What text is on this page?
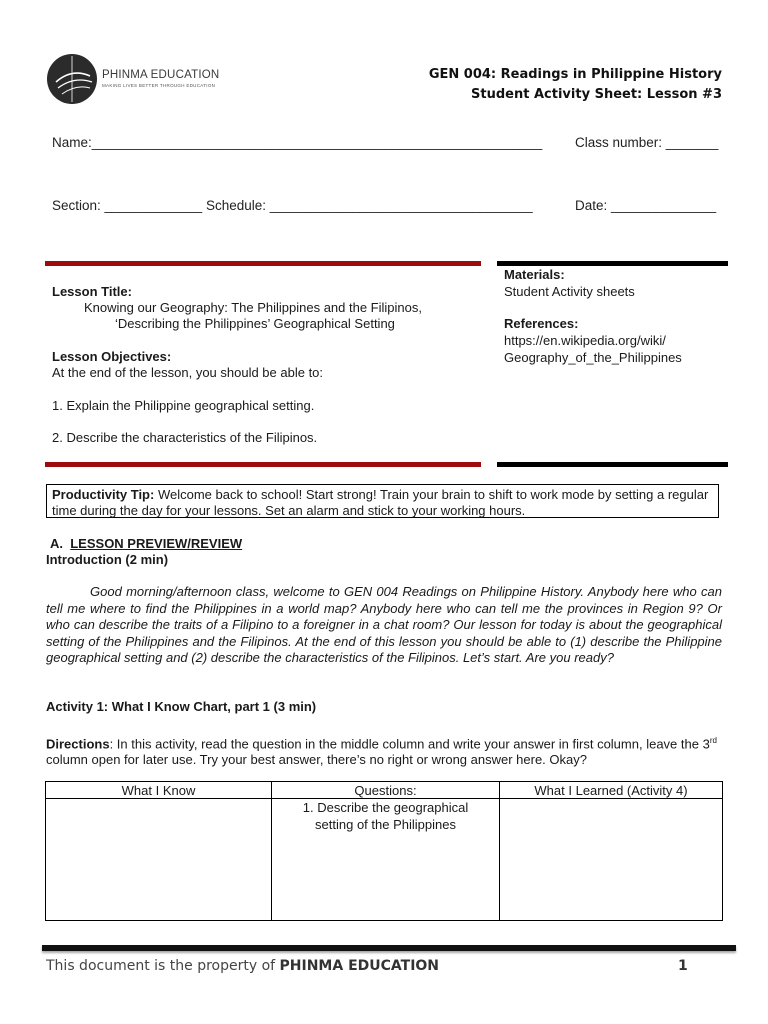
PHINMA EDUCATION
MAKING LIVES BETTER THROUGH EDUCATION
GEN 004: Readings in Philippine History
Student Activity Sheet: Lesson #3
Name:____________________________________________________________ Class number: _______
Section: _____________ Schedule: ___________________________________	Date: ______________
Lesson Title:
Knowing our Geography: The Philippines and the Filipinos,
‘Describing the Philippines’ Geographical Setting
Lesson Objectives:
At the end of the lesson, you should be able to:
1. Explain the Philippine geographical setting.
2. Describe the characteristics of the Filipinos.
Materials:
Student Activity sheets
References:
https://en.wikipedia.org/wiki/
Geography_of_the_Philippines
Productivity Tip: Welcome back to school! Start strong! Train your brain to shift to work mode by setting a regular time during the day for your lessons. Set an alarm and stick to your working hours.
A. LESSON PREVIEW/REVIEW
Introduction (2 min)
Good morning/afternoon class, welcome to GEN 004 Readings on Philippine History. Anybody here who can tell me where to find the Philippines in a world map? Anybody here who can tell me the provinces in Region 9? Or who can describe the traits of a Filipino to a foreigner in a chat room? Our lesson for today is about the geographical setting of the Philippines and the Filipinos. At the end of this lesson you should be able to (1) describe the Philippine geographical setting and (2) describe the characteristics of the Filipinos. Let’s start. Are you ready?
Activity 1: What I Know Chart, part 1 (3 min)
Directions: In this activity, read the question in the middle column and write your answer in first column, leave the 3rd column open for later use. Try your best answer, there’s no right or wrong answer here. Okay?
What I Know	Questions:	What I Learned (Activity 4)

	1. Describe the geographical
setting of the Philippines	

This document is the property of PHINMA EDUCATION	1
